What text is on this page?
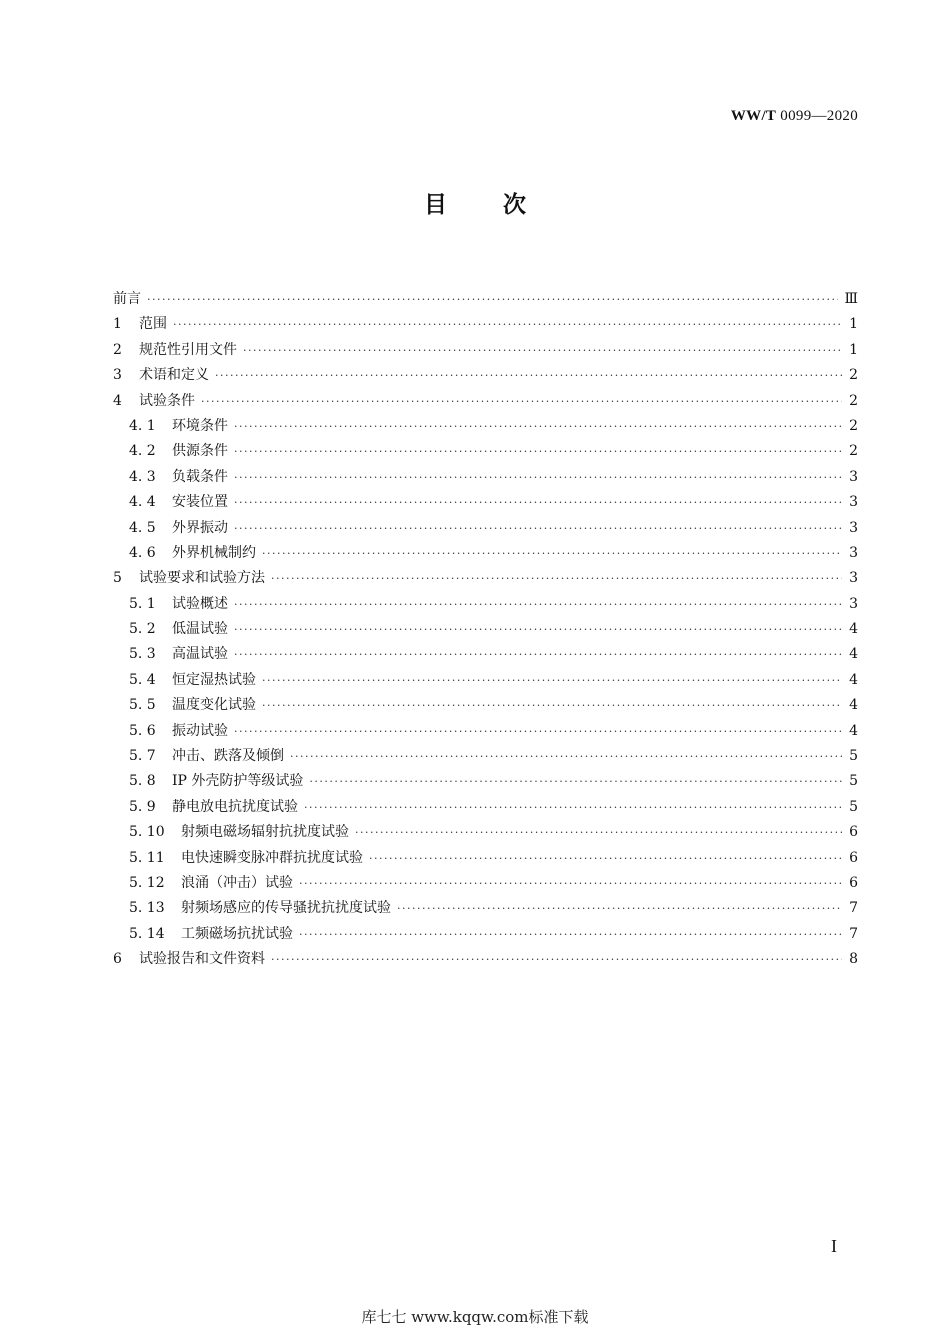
WW/T 0099—2020
目次
前言 ·····	Ⅲ
1	范围 ·····	1
2	规范性引用文件 ·····	1
3	术语和定义 ·····	2
4	试验条件 ·····	2
4. 1	环境条件 ·····	2
4. 2	供源条件 ·····	2
4. 3	负载条件 ·····	3
4. 4	安装位置 ·····	3
4. 5	外界振动 ·····	3
4. 6	外界机械制约 ·····	3
5	试验要求和试验方法 ·····	3
5. 1	试验概述 ·····	3
5. 2	低温试验 ·····	4
5. 3	高温试验 ·····	4
5. 4	恒定湿热试验 ·····	4
5. 5	温度变化试验 ·····	4
5. 6	振动试验 ·····	4
5. 7	冲击、跌落及倾倒 ·····	5
5. 8	IP 外壳防护等级试验 ·····	5
5. 9	静电放电抗扰度试验 ·····	5
5. 10	射频电磁场辐射抗扰度试验 ·····	6
5. 11	电快速瞬变脉冲群抗扰度试验 ·····	6
5. 12	浪涌（冲击）试验 ·····	6
5. 13	射频场感应的传导骚扰抗扰度试验 ·····	7
5. 14	工频磁场抗扰试验 ·····	7
6	试验报告和文件资料 ·····	8
I
库七七 www.kqqw.com标准下载
